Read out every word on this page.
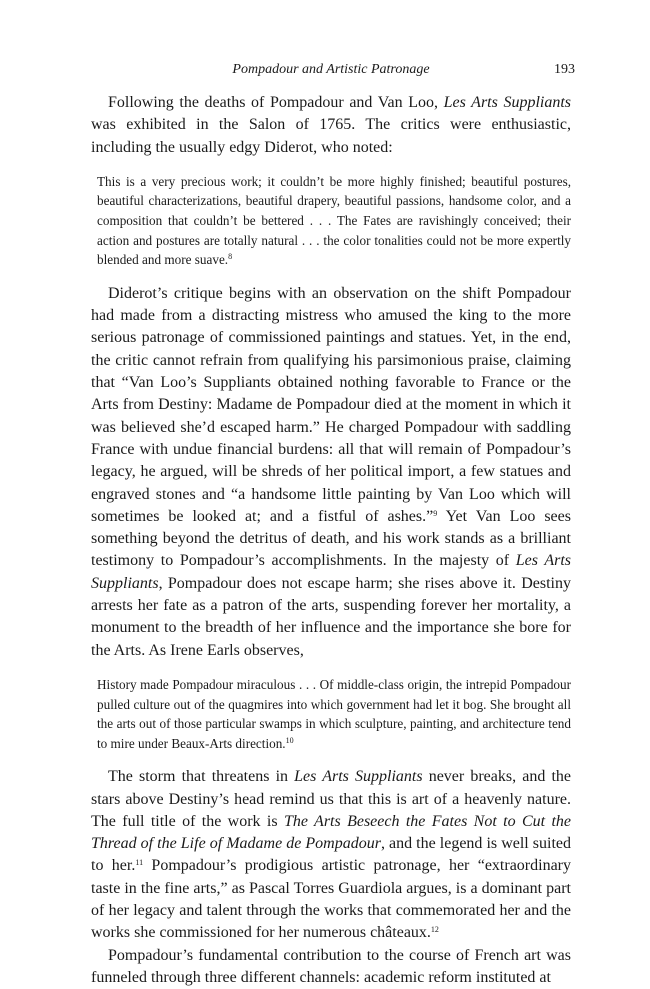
Pompadour and Artistic Patronage	193

Following the deaths of Pompadour and Van Loo, Les Arts Suppliants was exhibited in the Salon of 1765. The critics were enthusiastic, including the usually edgy Diderot, who noted:

This is a very precious work; it couldn’t be more highly finished; beautiful postures, beautiful characterizations, beautiful drapery, beautiful passions, handsome color, and a composition that couldn’t be bettered . . . The Fates are ravishingly conceived; their action and postures are totally natural . . . the color tonalities could not be more expertly blended and more suave.$^8$

Diderot’s critique begins with an observation on the shift Pompadour had made from a distracting mistress who amused the king to the more serious patronage of commissioned paintings and statues. Yet, in the end, the critic cannot refrain from qualifying his parsimonious praise, claiming that “Van Loo’s Suppliants obtained nothing favorable to France or the Arts from Destiny: Madame de Pompadour died at the moment in which it was believed she’d escaped harm.” He charged Pompadour with saddling France with undue financial burdens: all that will remain of Pompadour’s legacy, he argued, will be shreds of her political import, a few statues and engraved stones and “a handsome little painting by Van Loo which will sometimes be looked at; and a fistful of ashes.”$^9$ Yet Van Loo sees something beyond the detritus of death, and his work stands as a brilliant testimony to Pompadour’s accomplishments. In the majesty of Les Arts Suppliants, Pompadour does not escape harm; she rises above it. Destiny arrests her fate as a patron of the arts, suspending forever her mortality, a monument to the breadth of her influence and the importance she bore for the Arts. As Irene Earls observes,

History made Pompadour miraculous . . . Of middle-class origin, the intrepid Pompadour pulled culture out of the quagmires into which government had let it bog. She brought all the arts out of those particular swamps in which sculpture, painting, and architecture tend to mire under Beaux-Arts direction.$^{10}$

The storm that threatens in Les Arts Suppliants never breaks, and the stars above Destiny’s head remind us that this is art of a heavenly nature. The full title of the work is The Arts Beseech the Fates Not to Cut the Thread of the Life of Madame de Pompadour, and the legend is well suited to her.$^{11}$ Pompadour’s prodigious artistic patronage, her “extraordinary taste in the fine arts,” as Pascal Torres Guardiola argues, is a dominant part of her legacy and talent through the works that commemorated her and the works she commissioned for her numerous châteaux.$^{12}$

Pompadour’s fundamental contribution to the course of French art was funneled through three different channels: academic reform instituted at
